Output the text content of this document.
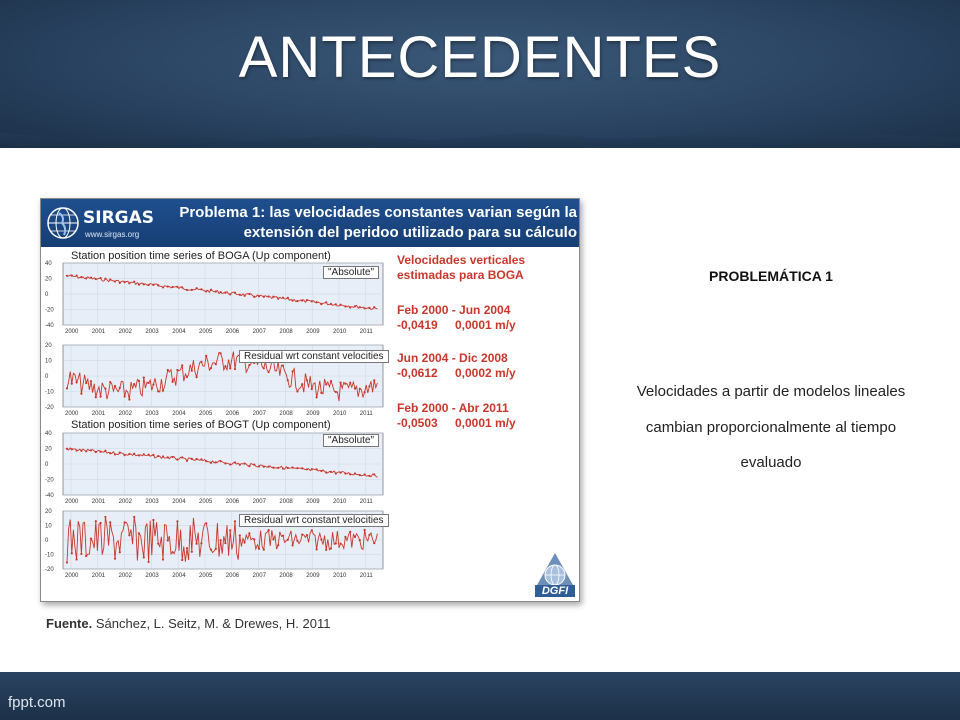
ANTECEDENTES
SIRGAS
www.sirgas.org
Problema 1: las velocidades constantes varian según la
extensión del peridoo utilizado para su cálculo
40
20
0
-20
-40
2000 2001 2002 2003 2004 2005 2006 2007 2008 2009 2010 2011
Station position time series of BOGA (Up component)
"Absolute"
20
10
0
-10
-20
2000 2001 2002 2003 2004 2005 2006 2007 2008 2009 2010 2011
Residual wrt constant velocities
40
20
0
-20
-40
2000 2001 2002 2003 2004 2005 2006 2007 2008 2009 2010 2011
Station position time series of BOGT (Up component)
"Absolute"
20
10
0
-10
-20
2000 2001 2002 2003 2004 2005 2006 2007 2008 2009 2010 2011
Residual wrt constant velocities
Velocidades verticales
estimadas para BOGA
Feb 2000 - Jun 2004
-0,0419 0,0001 m/y
Jun 2004 - Dic 2008
-0,0612 0,0002 m/y
Feb 2000 - Abr 2011
-0,0503 0,0001 m/y
DGFI
Fuente. Sánchez, L. Seitz, M. & Drewes, H. 2011
PROBLEMÁTICA 1
Velocidades a partir de modelos lineales cambian proporcionalmente al tiempo evaluado
fppt.com
